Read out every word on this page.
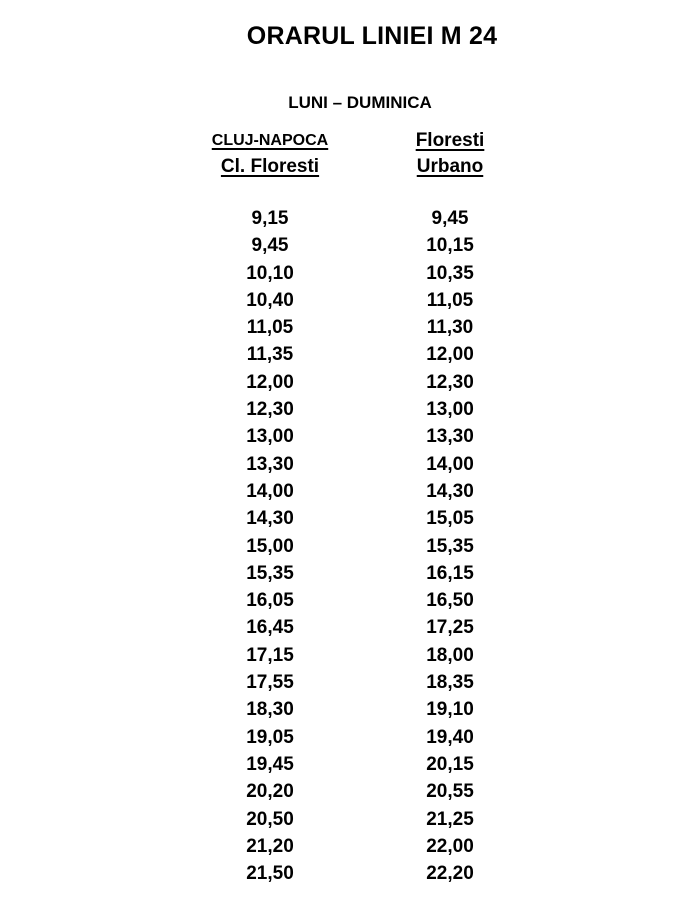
ORARUL LINIEI M 24
LUNI – DUMINICA
CLUJ-NAPOCA
Cl. Floresti
9,15
9,45
10,10
10,40
11,05
11,35
12,00
12,30
13,00
13,30
14,00
14,30
15,00
15,35
16,05
16,45
17,15
17,55
18,30
19,05
19,45
20,20
20,50
21,20
21,50
Floresti
Urbano
9,45
10,15
10,35
11,05
11,30
12,00
12,30
13,00
13,30
14,00
14,30
15,05
15,35
16,15
16,50
17,25
18,00
18,35
19,10
19,40
20,15
20,55
21,25
22,00
22,20
